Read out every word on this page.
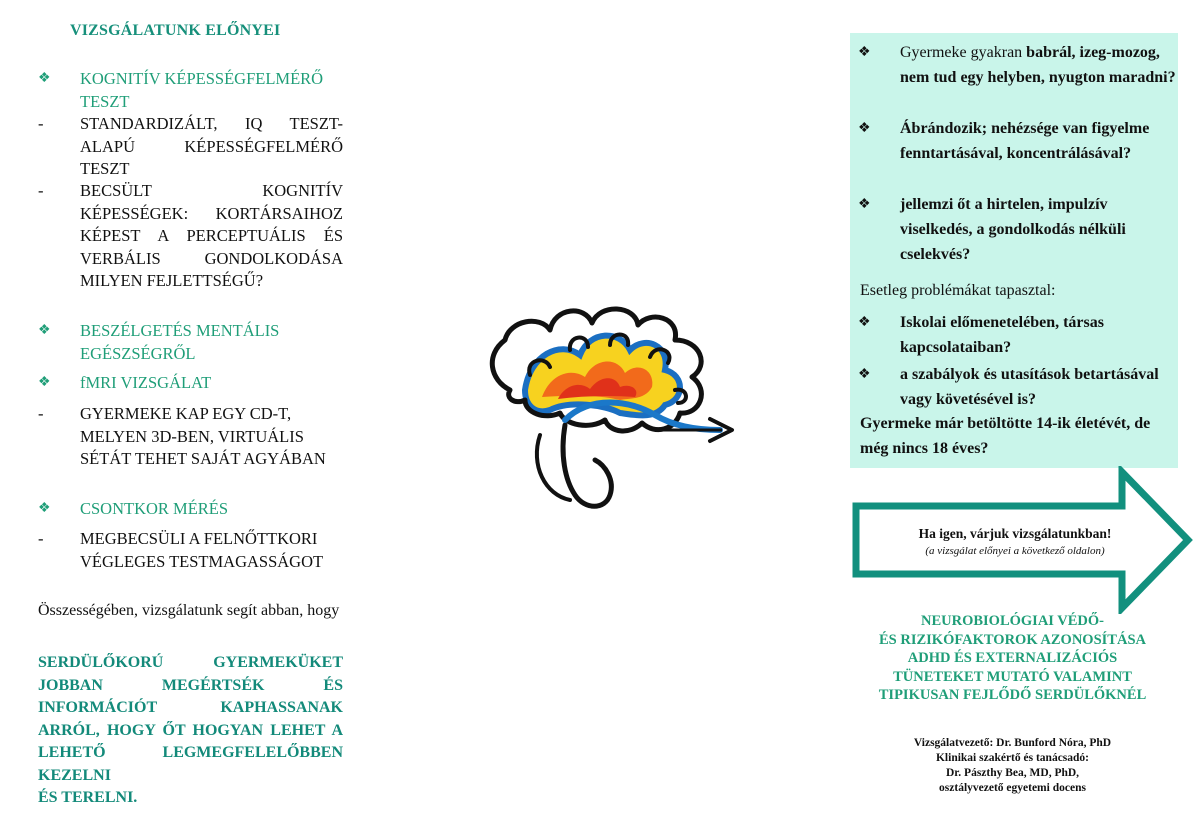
VIZSGÁLATUNK ELŐNYEI
❖	KOGNITÍV KÉPESSÉGFELMÉRŐ TESZT
-	STANDARDIZÁLT, IQ TESZT-ALAPÚ KÉPESSÉGFELMÉRŐ TESZT
-	BECSÜLT KOGNITÍV KÉPESSÉGEK: KORTÁRSAIHOZ KÉPEST A PERCEPTUÁLIS ÉS VERBÁLIS GONDOLKODÁSA MILYEN FEJLETTSÉGŰ?
❖	BESZÉLGETÉS MENTÁLIS EGÉSZSÉGRŐL
❖	fMRI VIZSGÁLAT
-	GYERMEKE KAP EGY CD-T, MELYEN 3D-BEN, VIRTUÁLIS SÉTÁT TEHET SAJÁT AGYÁBAN
❖	CSONTKOR MÉRÉS
-	MEGBECSÜLI A FELNŐTTKORI VÉGLEGES TESTMAGASSÁGOT
Összességében, vizsgálatunk segít abban, hogy
SERDÜLŐKORÚ GYERMEKÜKET JOBBAN MEGÉRTSÉK ÉS INFORMÁCIÓT KAPHASSANAK ARRÓL, HOGY ŐT HOGYAN LEHET A LEHETŐ LEGMEGFELELŐBBEN KEZELNI
ÉS TERELNI.
❖	Gyermeke gyakran babrál, izeg-mozog, nem tud egy helyben, nyugton maradni?
❖	Ábrándozik; nehézsége van figyelme fenntartásával, koncentrálásával?
❖	jellemzi őt a hirtelen, impulzív viselkedés, a gondolkodás nélküli cselekvés?
Esetleg problémákat tapasztal:
❖	Iskolai előmenetelében, társas kapcsolataiban?
❖	a szabályok és utasítások betartásával vagy követésével is?
Gyermeke már betöltötte 14-ik életévét, de még nincs 18 éves?
Ha igen, várjuk vizsgálatunkban!
(a vizsgálat előnyei a következő oldalon)
NEUROBIOLÓGIAI VÉDŐ-
ÉS RIZIKÓFAKTOROK AZONOSÍTÁSA
ADHD ÉS EXTERNALIZÁCIÓS
TÜNETEKET MUTATÓ VALAMINT
TIPIKUSAN FEJLŐDŐ SERDÜLŐKNÉL
Vizsgálatvezető: Dr. Bunford Nóra, PhD
Klinikai szakértő és tanácsadó:
Dr. Pászthy Bea, MD, PhD,
osztályvezető egyetemi docens
